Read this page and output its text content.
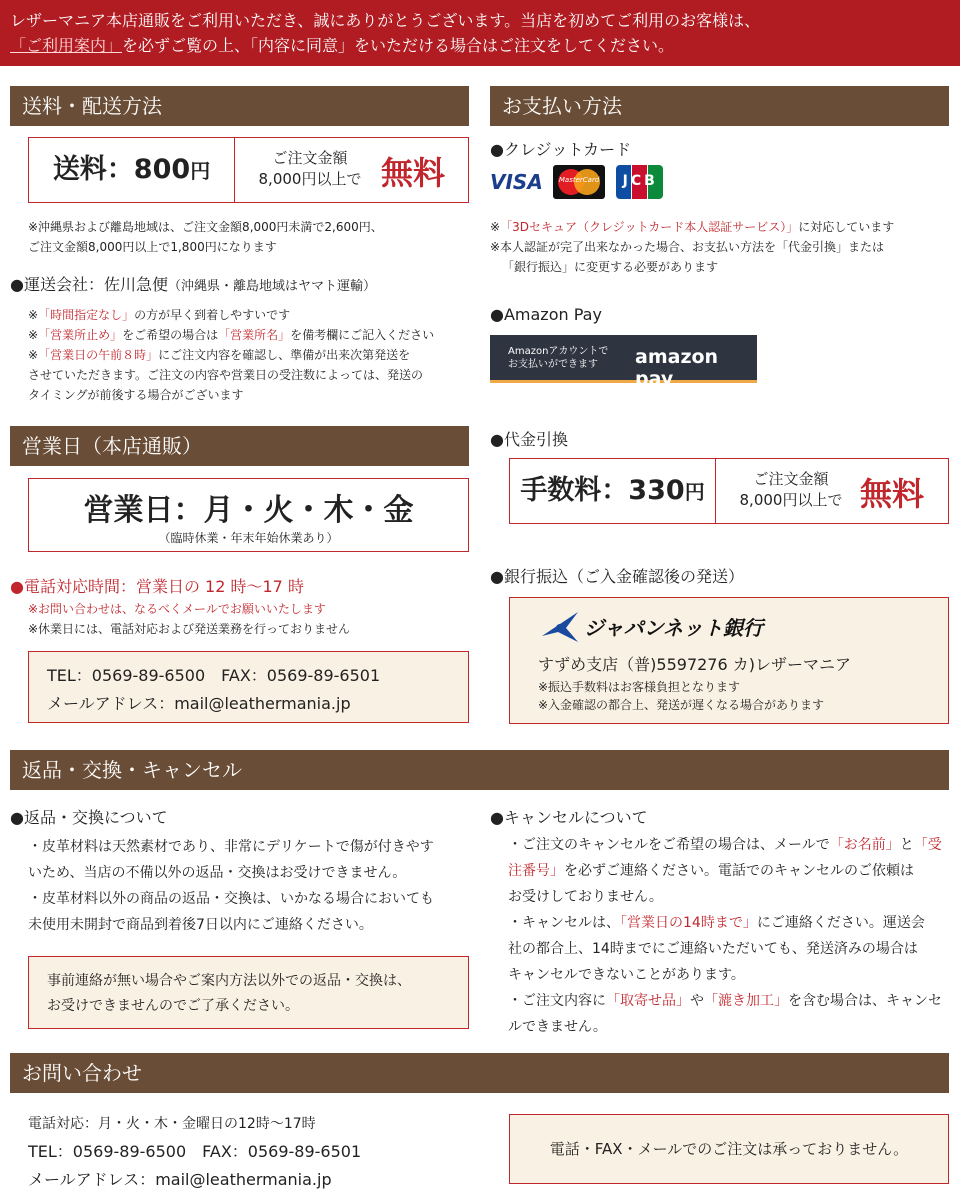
レザーマニア本店通販をご利用いただき、誠にありがとうございます。当店を初めてご利用のお客様は、
「ご利用案内」を必ずご覧の上、「内容に同意」をいただける場合はご注文をしてください。
送料・配送方法
送料：800円
ご注文金額
8,000円以上で 無料
※沖縄県および離島地域は、ご注文金額8,000円未満で2,600円、
ご注文金額8,000円以上で1,800円になります
●運送会社：佐川急便（沖縄県・離島地域はヤマト運輸）
※「時間指定なし」の方が早く到着しやすいです
※「営業所止め」をご希望の場合は「営業所名」を備考欄にご記入ください
※「営業日の午前８時」にご注文内容を確認し、準備が出来次第発送を
させていただきます。ご注文の内容や営業日の受注数によっては、発送の
タイミングが前後する場合がございます
営業日（本店通販）
営業日：月・火・木・金
（臨時休業・年末年始休業あり）
●電話対応時間：営業日の 12 時〜17 時
※お問い合わせは、なるべくメールでお願いいたします
※休業日には、電話対応および発送業務を行っておりません
TEL：0569-89-6500　FAX：0569-89-6501
メールアドレス：mail@leathermania.jp
お支払い方法
●クレジットカード
VISA	MasterCard
	JCB
※「3Dセキュア（クレジットカード本人認証サービス）」に対応しています
※本人認証が完了出来なかった場合、お支払い方法を「代金引換」または
「銀行振込」に変更する必要があります
●Amazon Pay
Amazonアカウントで
お支払いができます	amazon pay
●代金引換
手数料：330円
ご注文金額
8,000円以上で 無料
●銀行振込（ご入金確認後の発送）
ジャパンネット銀行
すずめ支店（普)5597276 カ)レザーマニア
※振込手数料はお客様負担となります
※入金確認の都合上、発送が遅くなる場合があります
返品・交換・キャンセル
●返品・交換について
・皮革材料は天然素材であり、非常にデリケートで傷が付きやす
いため、当店の不備以外の返品・交換はお受けできません。
・皮革材料以外の商品の返品・交換は、いかなる場合においても
未使用未開封で商品到着後7日以内にご連絡ください。
事前連絡が無い場合やご案内方法以外での返品・交換は、
お受けできませんのでご了承ください。
●キャンセルについて
・ご注文のキャンセルをご希望の場合は、メールで「お名前」と「受
注番号」を必ずご連絡ください。電話でのキャンセルのご依頼は
お受けしておりません。
・キャンセルは、「営業日の14時まで」にご連絡ください。運送会
社の都合上、14時までにご連絡いただいても、発送済みの場合は
キャンセルできないことがあります。
・ご注文内容に「取寄せ品」や「漉き加工」を含む場合は、キャンセ
ルできません。
お問い合わせ
電話対応：月・火・木・金曜日の12時〜17時
TEL：0569-89-6500　FAX：0569-89-6501
メールアドレス：mail@leathermania.jp
電話・FAX・メールでのご注文は承っておりません。
